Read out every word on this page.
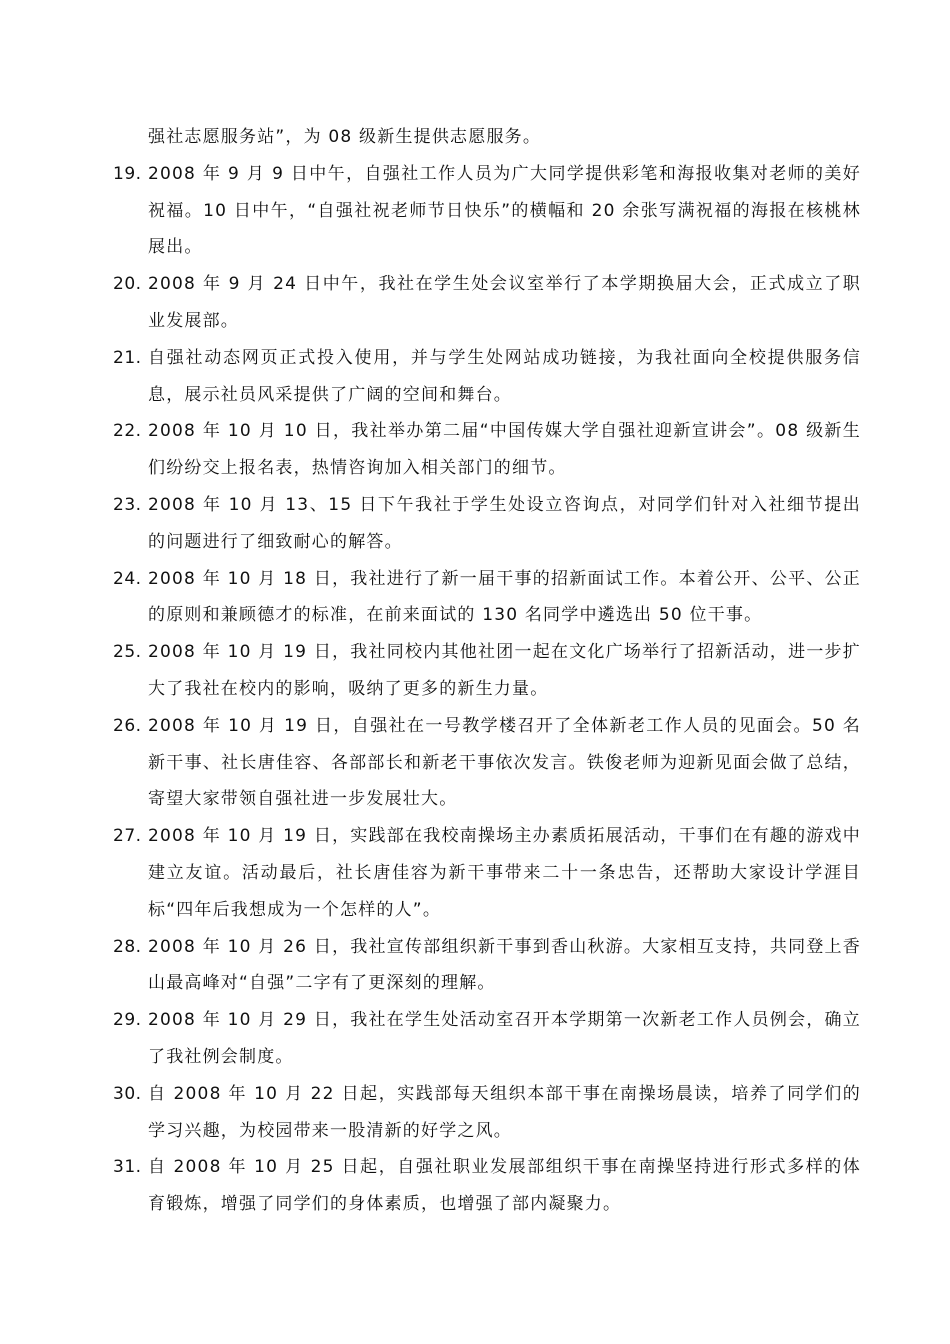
强社志愿服务站”，为 08 级新生提供志愿服务。
19. 2008 年 9 月 9 日中午，自强社工作人员为广大同学提供彩笔和海报收集对老师的美好祝福。10 日中午，“自强社祝老师节日快乐”的横幅和 20 余张写满祝福的海报在核桃林展出。
20. 2008 年 9 月 24 日中午，我社在学生处会议室举行了本学期换届大会，正式成立了职业发展部。
21. 自强社动态网页正式投入使用，并与学生处网站成功链接，为我社面向全校提供服务信息，展示社员风采提供了广阔的空间和舞台。
22. 2008 年 10 月 10 日，我社举办第二届“中国传媒大学自强社迎新宣讲会”。08 级新生们纷纷交上报名表，热情咨询加入相关部门的细节。
23. 2008 年 10 月 13、15 日下午我社于学生处设立咨询点，对同学们针对入社细节提出的问题进行了细致耐心的解答。
24. 2008 年 10 月 18 日，我社进行了新一届干事的招新面试工作。本着公开、公平、公正的原则和兼顾德才的标准，在前来面试的 130 名同学中遴选出 50 位干事。
25. 2008 年 10 月 19 日，我社同校内其他社团一起在文化广场举行了招新活动，进一步扩大了我社在校内的影响，吸纳了更多的新生力量。
26. 2008 年 10 月 19 日，自强社在一号教学楼召开了全体新老工作人员的见面会。50 名新干事、社长唐佳容、各部部长和新老干事依次发言。铁俊老师为迎新见面会做了总结，寄望大家带领自强社进一步发展壮大。
27. 2008 年 10 月 19 日，实践部在我校南操场主办素质拓展活动，干事们在有趣的游戏中建立友谊。活动最后，社长唐佳容为新干事带来二十一条忠告，还帮助大家设计学涯目标“四年后我想成为一个怎样的人”。
28. 2008 年 10 月 26 日，我社宣传部组织新干事到香山秋游。大家相互支持，共同登上香山最高峰对“自强”二字有了更深刻的理解。
29. 2008 年 10 月 29 日，我社在学生处活动室召开本学期第一次新老工作人员例会，确立了我社例会制度。
30. 自 2008 年 10 月 22 日起，实践部每天组织本部干事在南操场晨读，培养了同学们的学习兴趣，为校园带来一股清新的好学之风。
31. 自 2008 年 10 月 25 日起，自强社职业发展部组织干事在南操坚持进行形式多样的体育锻炼，增强了同学们的身体素质，也增强了部内凝聚力。
